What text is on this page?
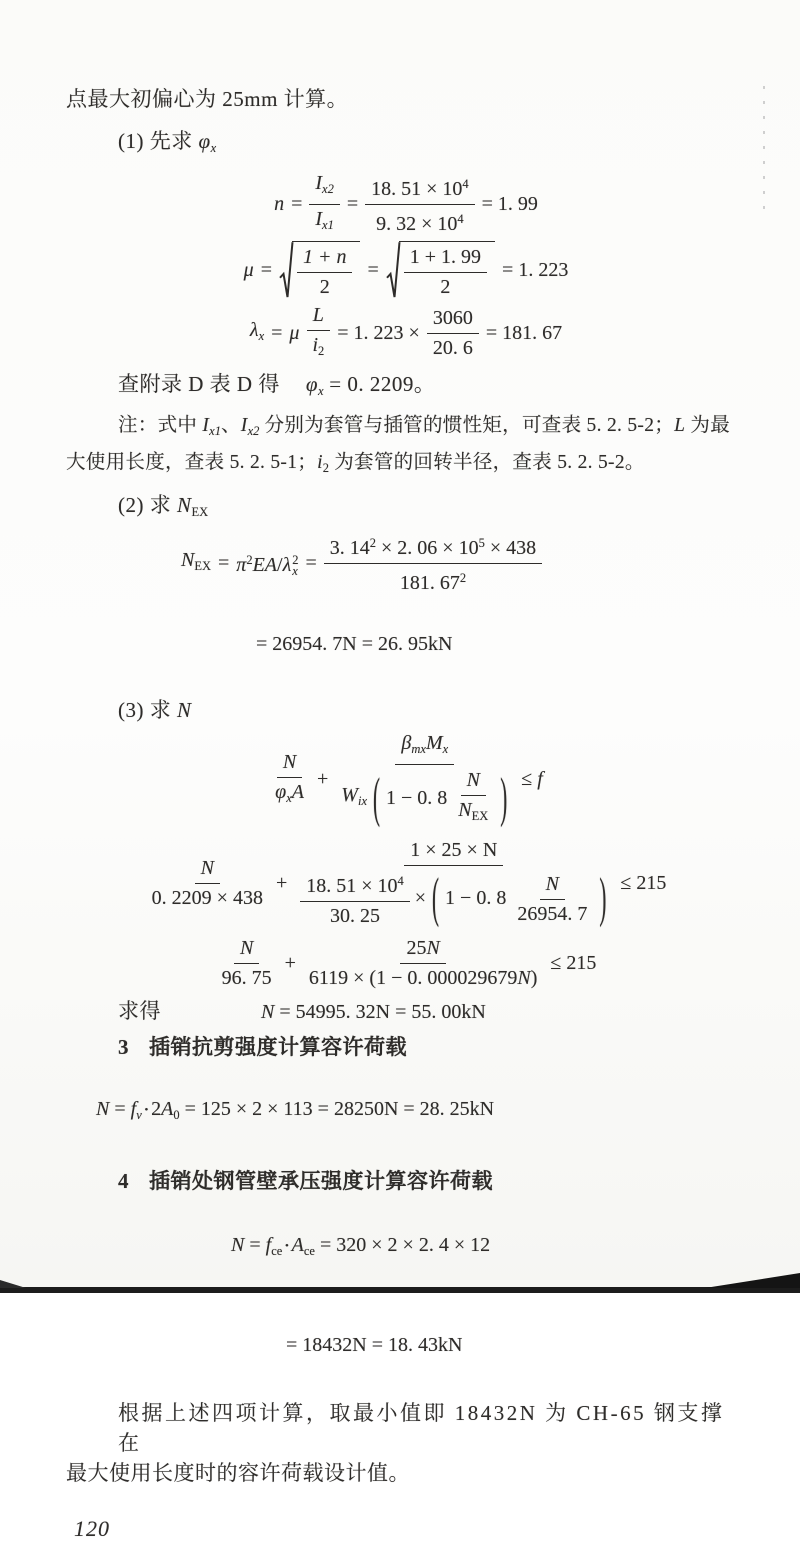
点最大初偏心为 25mm 计算。
(1) 先求 φx
$n = \frac{I_{x2}}{I_{x1}} = \frac{18. 51 \times 10^4}{9. 32 \times 10^4} = 1$. 99
$\mu = \frac{1 + n}{2} = \frac{1 + 1. 99}{2} = 1$. 223
$\lambda_x = \mu \frac{L}{i_2} = 1$. $223 \times \frac{3060}{20. 6} = 181$. 67
查附录 D 表 D 得 φx = 0. 2209。
注：式中 $I_{x1}$、$I_{x2}$ 分别为套管与插管的惯性矩，可查表 5. 2. 5-2；L 为最
大使用长度，查表 5. 2. 5-1；$i_2$ 为套管的回转半径，查表 5. 2. 5-2。
(2) 求 NEX
$N_{EX} = \pi^2EA/\lambda$ 2
$x = \frac{3. 14^2 \times 2. 06 \times 10^5 \times 438}{181. 67^2}$

= 26954. 7N = 26. 95kN

(3) 求 N
$\frac{N}{\varphi_xA}$ +
$\beta_{mx}M_x$
$W_{ix}$ ( 1 − 0. $8 \frac{N}{N_{EX}}$ ) ≤ f
$\frac{N}{0. 2209 \times 438}$ +
1 × 25 × N
$\frac{18. 51 \times 10^4}{30. 25}$ × ( 1 − 0. $8 \frac{N}{26954. 7}$ ) ≤ 215
$\frac{N}{96. 75} + \frac{25N}{6119 \times (1 - 0. 000029679N)} \le 215$
求得	N = 54995. 32N = 55. 00kN
3 插销抗剪强度计算容许荷载

$N = f_v$ • $2A_0 = 125 \times 2 \times 113 = 28250N = 28$. 25kN

4 插销处钢管壁承压强度计算容许荷载

$N = f_{ce}$ • $A_{ce} = 320 \times 2 \times 2$. 4 × 12

= 18432N = 18. 43kN

根据上述四项计算，取最小值即 18432N 为 CH-65 钢支撑在
最大使用长度时的容许荷载设计值。
120
